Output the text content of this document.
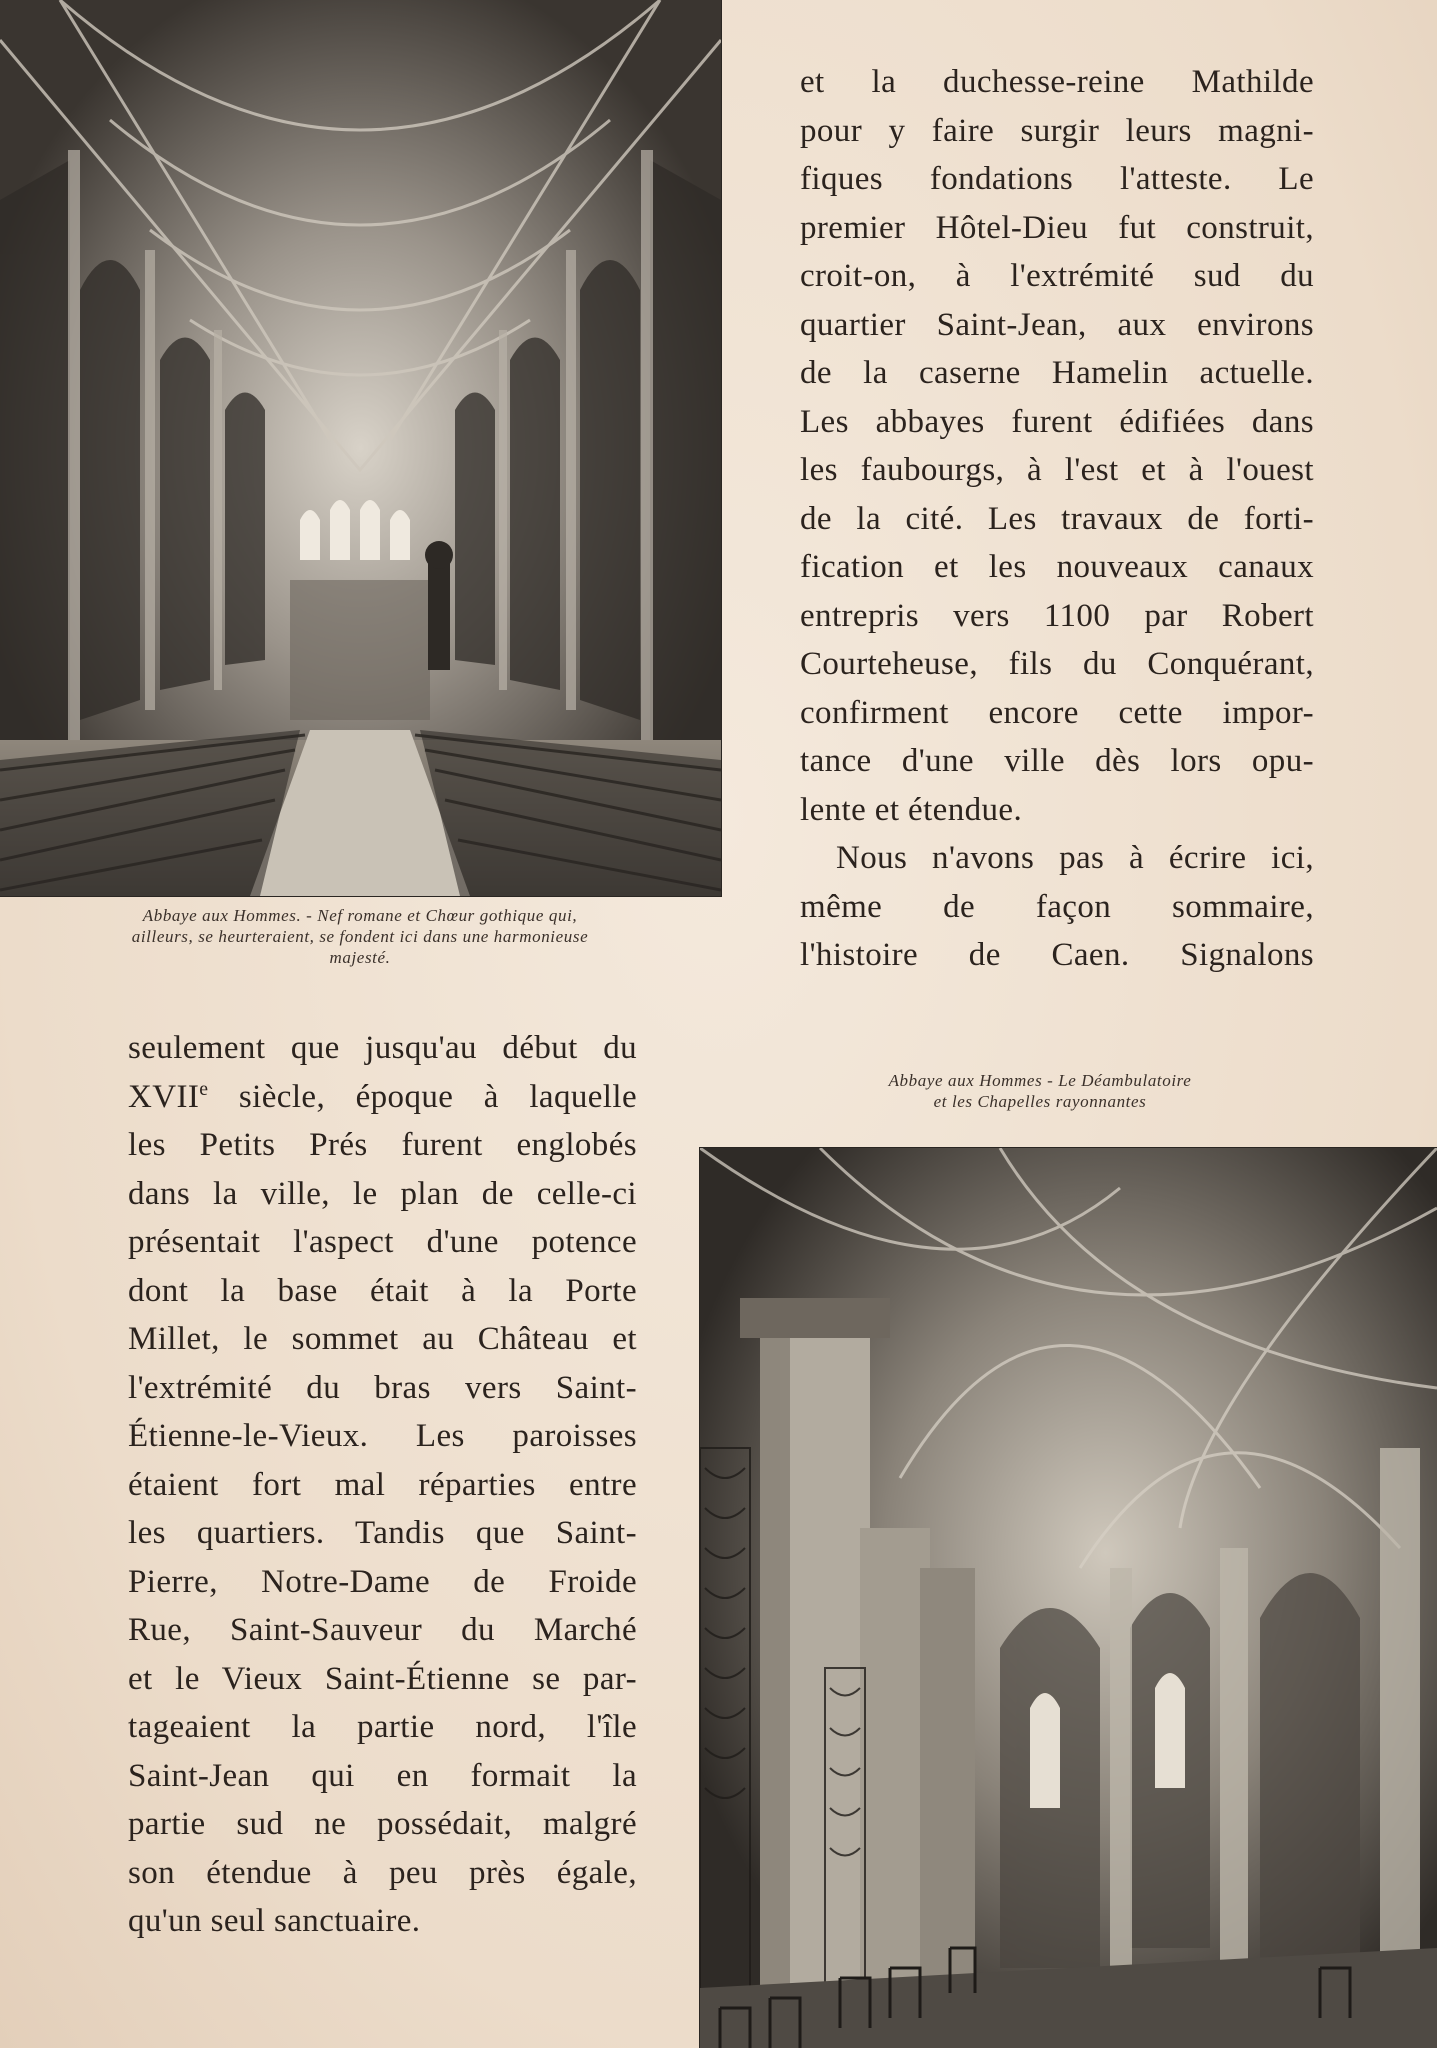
Abbaye aux Hommes. - Nef romane et Chœur gothique qui,
ailleurs, se heurteraient, se fondent ici dans une harmonieuse
majesté.
et la duchesse-reine Mathilde
pour y faire surgir leurs magni-
fiques fondations l'atteste. Le
premier Hôtel-Dieu fut construit,
croit-on, à l'extrémité sud du
quartier Saint-Jean, aux environs
de la caserne Hamelin actuelle.
Les abbayes furent édifiées dans
les faubourgs, à l'est et à l'ouest
de la cité. Les travaux de forti-
fication et les nouveaux canaux
entrepris vers 1100 par Robert
Courteheuse, fils du Conquérant,
confirment encore cette impor-
tance d'une ville dès lors opu-
lente et étendue.
Nous n'avons pas à écrire ici,
même de façon sommaire,
l'histoire de Caen. Signalons
Abbaye aux Hommes - Le Déambulatoire
et les Chapelles rayonnantes
seulement que jusqu'au début du
XVIIe siècle, époque à laquelle
les Petits Prés furent englobés
dans la ville, le plan de celle-ci
présentait l'aspect d'une potence
dont la base était à la Porte
Millet, le sommet au Château et
l'extrémité du bras vers Saint-
Étienne-le-Vieux. Les paroisses
étaient fort mal réparties entre
les quartiers. Tandis que Saint-
Pierre, Notre-Dame de Froide
Rue, Saint-Sauveur du Marché
et le Vieux Saint-Étienne se par-
tageaient la partie nord, l'île
Saint-Jean qui en formait la
partie sud ne possédait, malgré
son étendue à peu près égale,
qu'un seul sanctuaire.
